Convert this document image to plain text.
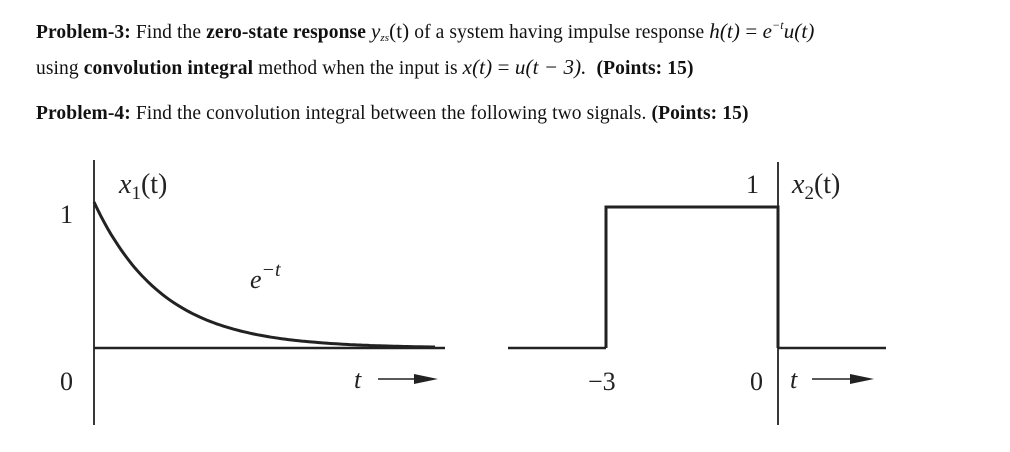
Problem-3: Find the zero-state response $y_{zs}(t)$ of a system having impulse response $h(t) = e^{-t}u(t)$
using convolution integral method when the input is x(t) = u(t − 3). (Points: 15)
Problem-4: Find the convolution integral between the following two signals. (Points: 15)
$x_1(t)$
1
0
$e^{-t}$
t
$x_2(t)$
1
−3	0 t
